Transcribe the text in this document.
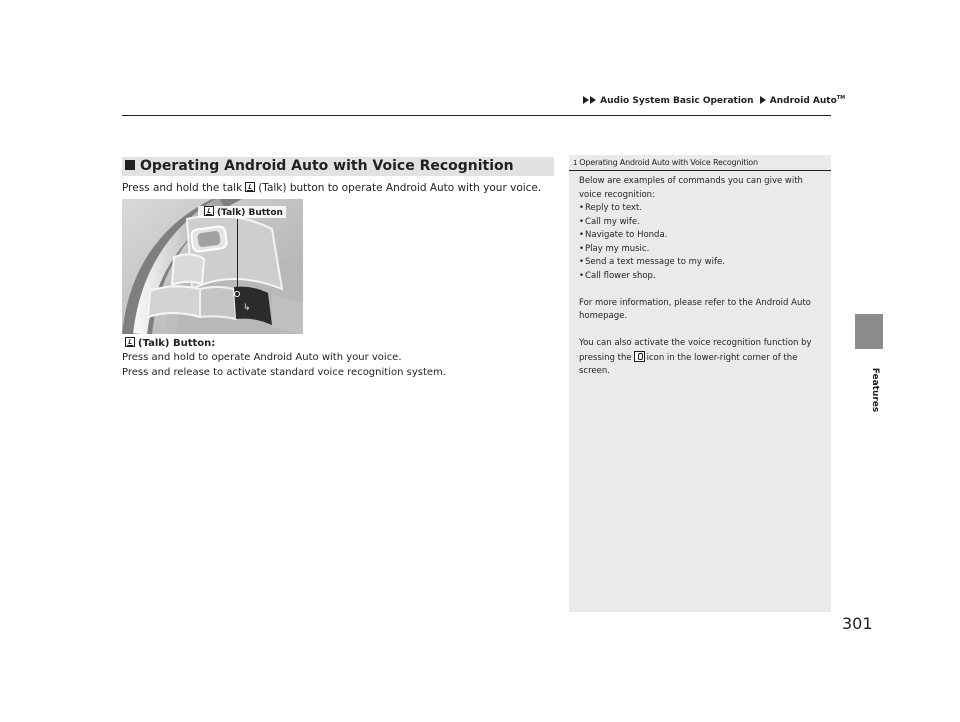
Audio System Basic Operation Android Auto™
Features
Operating Android Auto with Voice Recognition
Press and hold the talk (Talk) button to operate Android Auto with your voice.
↳
(Talk) Button
(Talk) Button:
Press and hold to operate Android Auto with your voice.
Press and release to activate standard voice recognition system.
1 Operating Android Auto with Voice Recognition
Below are examples of commands you can give with voice recognition:
• Reply to text.
• Call my wife.
• Navigate to Honda.
• Play my music.
• Send a text message to my wife.
• Call flower shop.
For more information, please refer to the Android Auto homepage.
You can also activate the voice recognition function by pressing the icon in the lower-right corner of the screen.
301
